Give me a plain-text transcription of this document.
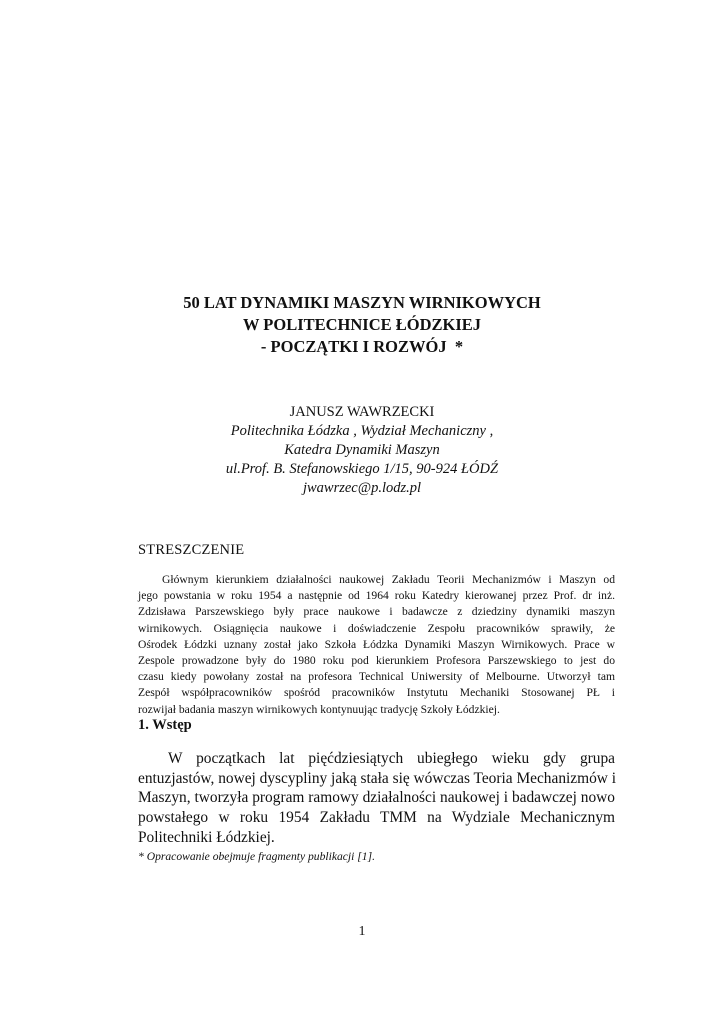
50 LAT DYNAMIKI MASZYN WIRNIKOWYCH
W POLITECHNICE ŁÓDZKIEJ
- POCZĄTKI I ROZWÓJ  *
JANUSZ WAWRZECKI
Politechnika Łódzka , Wydział Mechaniczny ,
Katedra Dynamiki Maszyn
ul.Prof. B. Stefanowskiego 1/15, 90-924 ŁÓDŹ
jwawrzec@p.lodz.pl
STRESZCZENIE
Głównym kierunkiem działalności naukowej Zakładu Teorii Mechanizmów i Maszyn od
jego powstania w roku 1954 a następnie od 1964 roku Katedry kierowanej przez Prof. dr inż.
Zdzisława Parszewskiego były prace naukowe i badawcze z dziedziny dynamiki maszyn
wirnikowych. Osiągnięcia naukowe i doświadczenie Zespołu pracowników sprawiły, że
Ośrodek Łódzki uznany został jako Szkoła Łódzka Dynamiki Maszyn Wirnikowych. Prace w
Zespole prowadzone były do 1980 roku pod kierunkiem Profesora Parszewskiego to jest do
czasu kiedy powołany został na profesora Technical Uniwersity of Melbourne. Utworzył tam
Zespół współpracowników spośród pracowników Instytutu Mechaniki Stosowanej PŁ i
rozwijał badania maszyn wirnikowych kontynuując tradycję Szkoły Łódzkiej.
1. Wstęp
W początkach lat pięćdziesiątych ubiegłego wieku gdy grupa
entuzjastów, nowej dyscypliny jaką stała się wówczas Teoria Mechanizmów i
Maszyn, tworzyła program ramowy działalności naukowej i badawczej nowo
powstałego w roku 1954 Zakładu TMM na Wydziale Mechanicznym
Politechniki Łódzkiej.
* Opracowanie obejmuje fragmenty publikacji [1].
1
